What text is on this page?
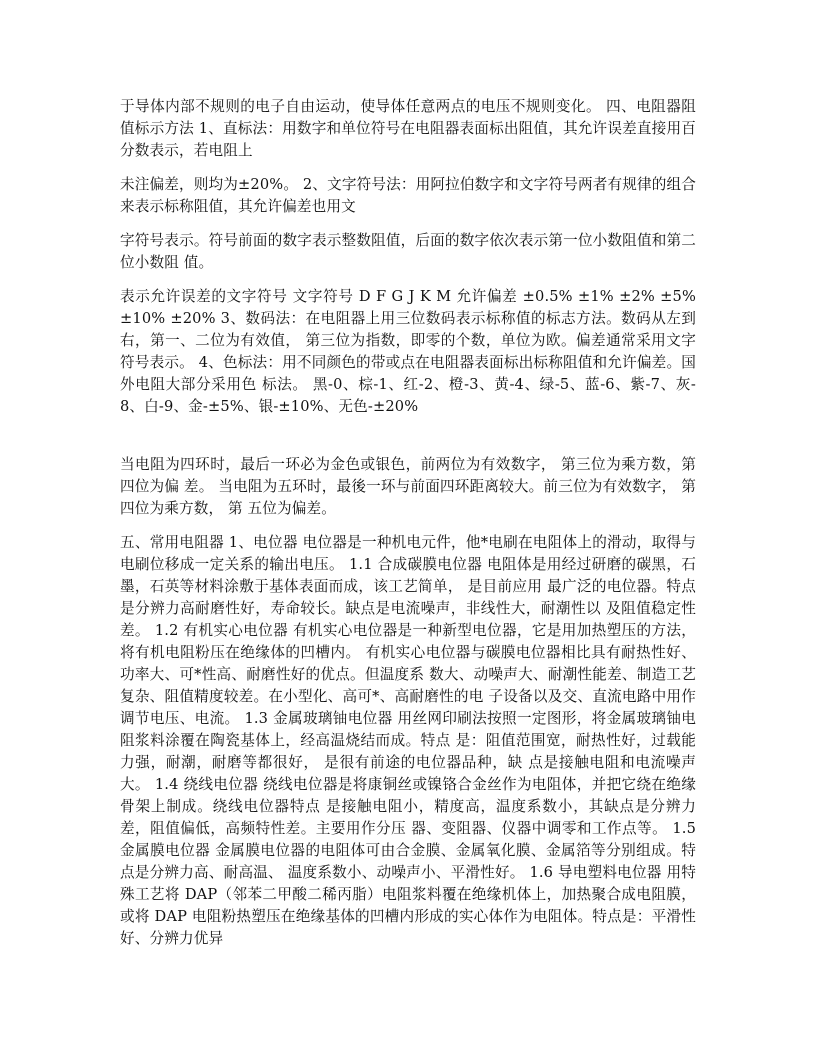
于导体内部不规则的电子自由运动，使导体任意两点的电压不规则变化。 四、电阻器阻值标示方法 1、直标法：用数字和单位符号在电阻器表面标出阻值，其允许误差直接用百分数表示，若电阻上

未注偏差，则均为±20%。 2、文字符号法：用阿拉伯数字和文字符号两者有规律的组合来表示标称阻值，其允许偏差也用文

字符号表示。符号前面的数字表示整数阻值，后面的数字依次表示第一位小数阻值和第二位小数阻 值。

表示允许误差的文字符号 文字符号 D F G J K M 允许偏差 ±0.5% ±1% ±2% ±5% ±10% ±20% 3、数码法：在电阻器上用三位数码表示标称值的标志方法。数码从左到右，第一、二位为有效值， 第三位为指数，即零的个数，单位为欧。偏差通常采用文字符号表示。 4、色标法：用不同颜色的带或点在电阻器表面标出标称阻值和允许偏差。国外电阻大部分采用色 标法。 黑-0、棕-1、红-2、橙-3、黄-4、绿-5、蓝-6、紫-7、灰-8、白-9、金-±5%、银-±10%、无色-±20%

当电阻为四环时，最后一环必为金色或银色，前两位为有效数字， 第三位为乘方数，第四位为偏 差。 当电阻为五环时，最後一环与前面四环距离较大。前三位为有效数字， 第四位为乘方数， 第 五位为偏差。

五、常用电阻器 1、电位器 电位器是一种机电元件，他*电刷在电阻体上的滑动，取得与电刷位移成一定关系的输出电压。 1.1 合成碳膜电位器 电阻体是用经过研磨的碳黑，石墨，石英等材料涂敷于基体表面而成，该工艺简单， 是目前应用 最广泛的电位器。特点是分辨力高耐磨性好，寿命较长。缺点是电流噪声，非线性大，耐潮性以 及阻值稳定性差。 1.2 有机实心电位器 有机实心电位器是一种新型电位器，它是用加热塑压的方法，将有机电阻粉压在绝缘体的凹槽内。 有机实心电位器与碳膜电位器相比具有耐热性好、功率大、可*性高、耐磨性好的优点。但温度系 数大、动噪声大、耐潮性能差、制造工艺复杂、阻值精度较差。在小型化、高可*、高耐磨性的电 子设备以及交、直流电路中用作调节电压、电流。 1.3 金属玻璃铀电位器 用丝网印刷法按照一定图形，将金属玻璃铀电阻浆料涂覆在陶瓷基体上，经高温烧结而成。特点 是：阻值范围宽，耐热性好，过载能力强，耐潮，耐磨等都很好， 是很有前途的电位器品种，缺 点是接触电阻和电流噪声大。 1.4 绕线电位器 绕线电位器是将康铜丝或镍铬合金丝作为电阻体，并把它绕在绝缘骨架上制成。绕线电位器特点 是接触电阻小，精度高，温度系数小，其缺点是分辨力差，阻值偏低，高频特性差。主要用作分压 器、变阻器、仪器中调零和工作点等。 1.5 金属膜电位器 金属膜电位器的电阻体可由合金膜、金属氧化膜、金属箔等分别组成。特点是分辨力高、耐高温、 温度系数小、动噪声小、平滑性好。 1.6 导电塑料电位器 用特殊工艺将 DAP（邻苯二甲酸二稀丙脂）电阻浆料覆在绝缘机体上，加热聚合成电阻膜，或将 DAP 电阻粉热塑压在绝缘基体的凹槽内形成的实心体作为电阻体。特点是：平滑性好、分辨力优异
